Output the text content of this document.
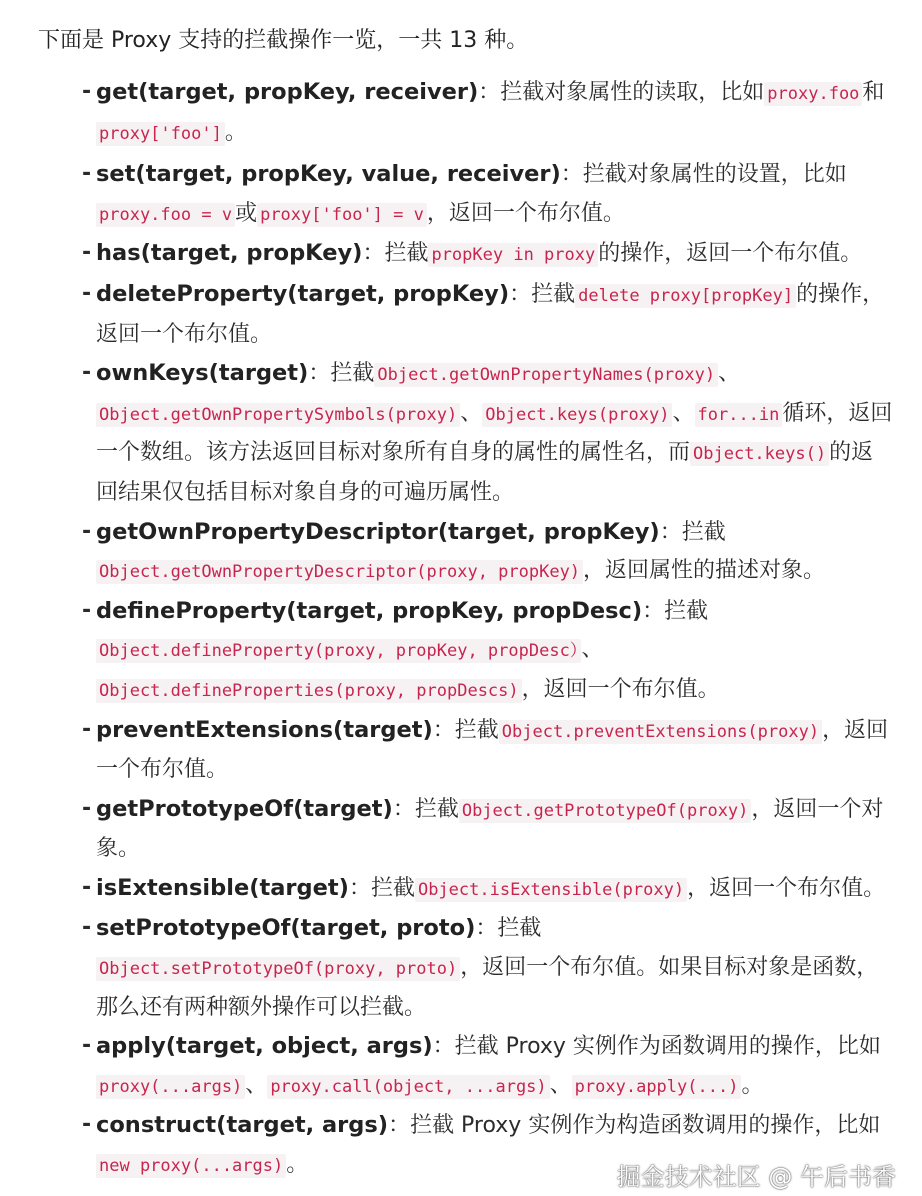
下面是 Proxy 支持的拦截操作一览，一共 13 种。

- get(target, propKey, receiver)：拦截对象属性的读取，比如 proxy.foo 和proxy['foo'] 。
- set(target, propKey, value, receiver)：拦截对象属性的设置，比如proxy.foo = v 或 proxy['foo'] = v ，返回一个布尔值。
- has(target, propKey)：拦截 propKey in proxy 的操作，返回一个布尔值。
- deleteProperty(target, propKey)：拦截 delete proxy[propKey] 的操作，返回一个布尔值。
- ownKeys(target)：拦截 Object.getOwnPropertyNames(proxy) 、Object.getOwnPropertySymbols(proxy) 、 Object.keys(proxy) 、 for...in 循环，返回一个数组。该方法返回目标对象所有自身的属性的属性名，而 Object.keys() 的返回结果仅包括目标对象自身的可遍历属性。
- getOwnPropertyDescriptor(target, propKey)：拦截Object.getOwnPropertyDescriptor(proxy, propKey) ，返回属性的描述对象。
- defineProperty(target, propKey, propDesc)：拦截Object.defineProperty(proxy, propKey, propDesc） 、Object.defineProperties(proxy, propDescs) ，返回一个布尔值。
- preventExtensions(target)：拦截 Object.preventExtensions(proxy) ，返回一个布尔值。
- getPrototypeOf(target)：拦截 Object.getPrototypeOf(proxy) ，返回一个对象。
- isExtensible(target)：拦截 Object.isExtensible(proxy) ，返回一个布尔值。
- setPrototypeOf(target, proto)：拦截Object.setPrototypeOf(proxy, proto) ，返回一个布尔值。如果目标对象是函数，那么还有两种额外操作可以拦截。
- apply(target, object, args)：拦截 Proxy 实例作为函数调用的操作，比如proxy(...args) 、 proxy.call(object, ...args) 、 proxy.apply(...) 。
- construct(target, args)：拦截 Proxy 实例作为构造函数调用的操作，比如new proxy(...args) 。	掘金技术社区 @ 午后书香
